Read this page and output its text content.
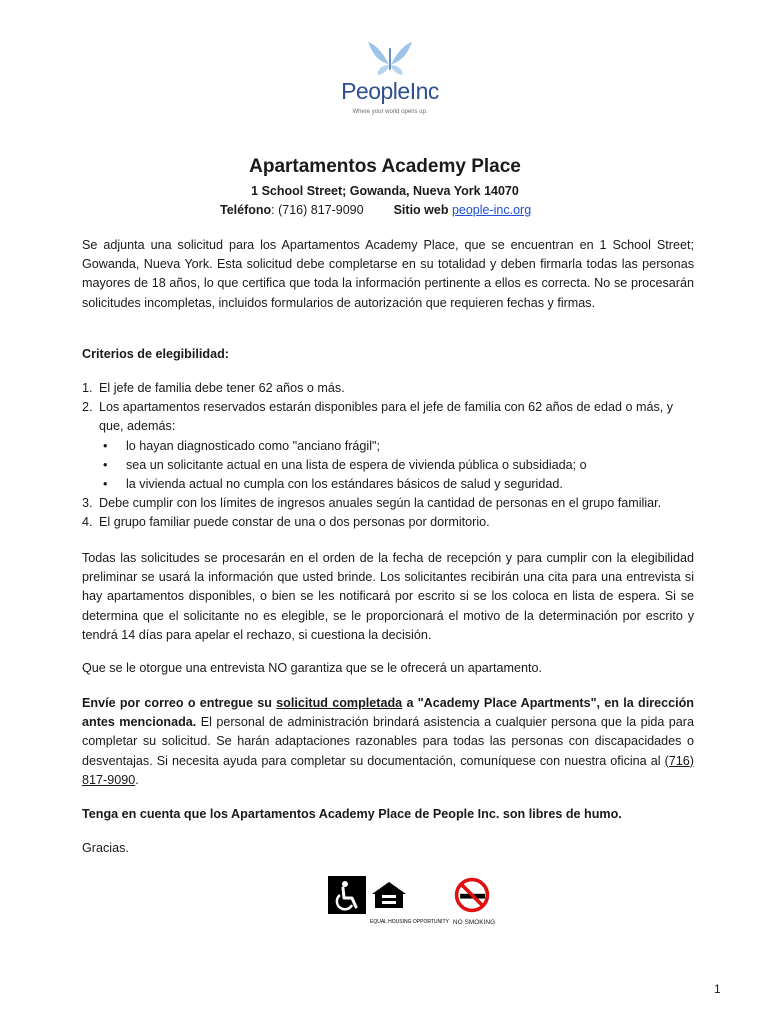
PeopleInc
Where your world opens up.
Apartamentos Academy Place
1 School Street; Gowanda, Nueva York 14070
Teléfono: (716) 817-9090 Sitio web people-inc.org
Se adjunta una solicitud para los Apartamentos Academy Place, que se encuentran en 1 School Street; Gowanda, Nueva York. Esta solicitud debe completarse en su totalidad y deben firmarla todas las personas mayores de 18 años, lo que certifica que toda la información pertinente a ellos es correcta. No se procesarán solicitudes incompletas, incluidos formularios de autorización que requieren fechas y firmas.
Criterios de elegibilidad:
1. El jefe de familia debe tener 62 años o más.
2. Los apartamentos reservados estarán disponibles para el jefe de familia con 62 años de edad o más, y que, además:
•	lo hayan diagnosticado como "anciano frágil";
•	sea un solicitante actual en una lista de espera de vivienda pública o subsidiada; o
•	la vivienda actual no cumpla con los estándares básicos de salud y seguridad.
3. Debe cumplir con los límites de ingresos anuales según la cantidad de personas en el grupo familiar.
4. El grupo familiar puede constar de una o dos personas por dormitorio.
Todas las solicitudes se procesarán en el orden de la fecha de recepción y para cumplir con la elegibilidad preliminar se usará la información que usted brinde. Los solicitantes recibirán una cita para una entrevista si hay apartamentos disponibles, o bien se les notificará por escrito si se los coloca en lista de espera. Si se determina que el solicitante no es elegible, se le proporcionará el motivo de la determinación por escrito y tendrá 14 días para apelar el rechazo, si cuestiona la decisión.
Que se le otorgue una entrevista NO garantiza que se le ofrecerá un apartamento.
Envíe por correo o entregue su solicitud completada a "Academy Place Apartments", en la dirección antes mencionada. El personal de administración brindará asistencia a cualquier persona que la pida para completar su solicitud. Se harán adaptaciones razonables para todas las personas con discapacidades o desventajas. Si necesita ayuda para completar su documentación, comuníquese con nuestra oficina al (716) 817-9090.
Tenga en cuenta que los Apartamentos Academy Place de People Inc. son libres de humo.
Gracias.
EQUAL HOUSING OPPORTUNITY NO SMOKING
1
